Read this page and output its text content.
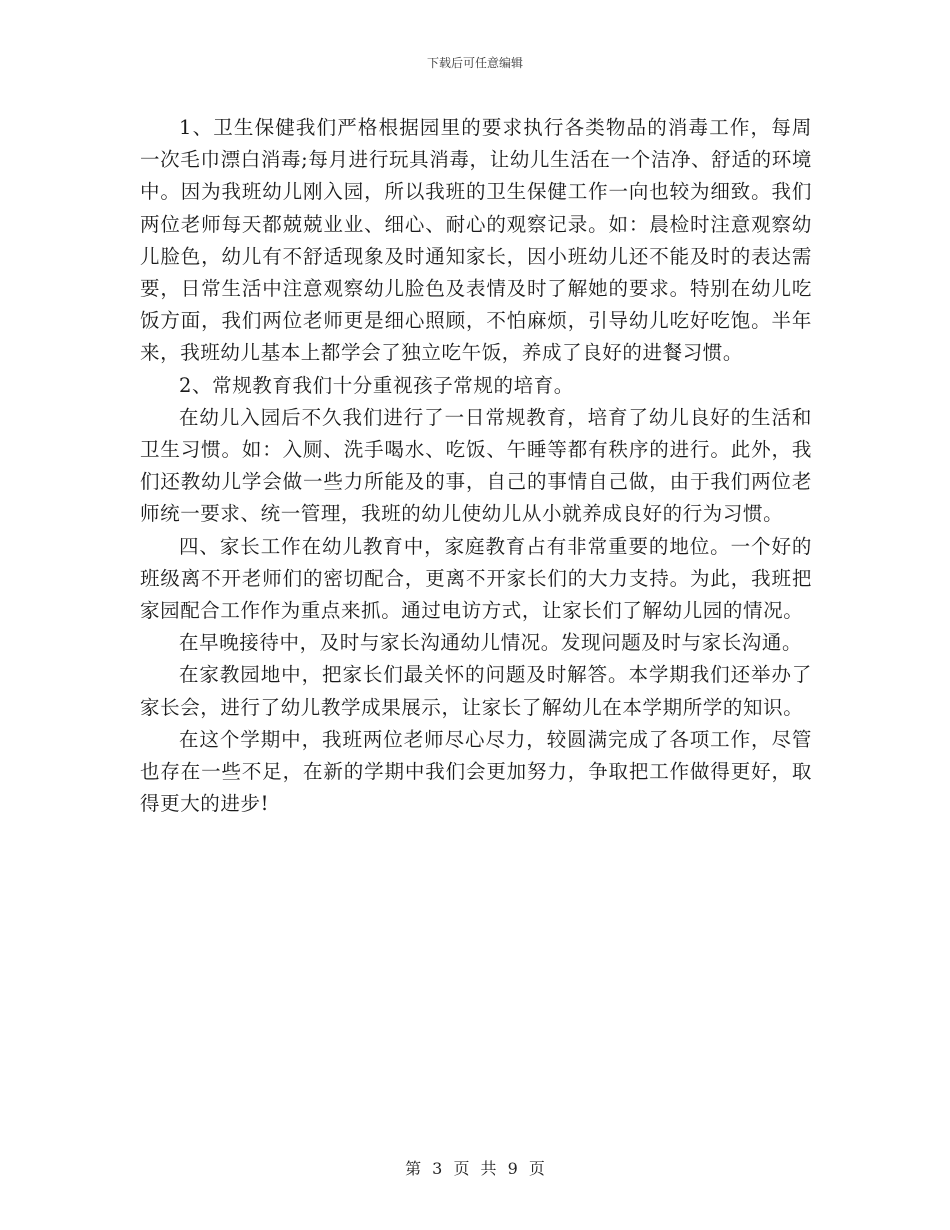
下载后可任意编辑

1、卫生保健我们严格根据园里的要求执行各类物品的消毒工作，每周一次毛巾漂白消毒;每月进行玩具消毒，让幼儿生活在一个洁净、舒适的环境中。因为我班幼儿刚入园，所以我班的卫生保健工作一向也较为细致。我们两位老师每天都兢兢业业、细心、耐心的观察记录。如：晨检时注意观察幼儿脸色，幼儿有不舒适现象及时通知家长，因小班幼儿还不能及时的表达需要，日常生活中注意观察幼儿脸色及表情及时了解她的要求。特别在幼儿吃饭方面，我们两位老师更是细心照顾，不怕麻烦，引导幼儿吃好吃饱。半年来，我班幼儿基本上都学会了独立吃午饭，养成了良好的进餐习惯。

2、常规教育我们十分重视孩子常规的培育。

在幼儿入园后不久我们进行了一日常规教育，培育了幼儿良好的生活和卫生习惯。如：入厕、洗手喝水、吃饭、午睡等都有秩序的进行。此外，我们还教幼儿学会做一些力所能及的事，自己的事情自己做，由于我们两位老师统一要求、统一管理，我班的幼儿使幼儿从小就养成良好的行为习惯。

四、家长工作在幼儿教育中，家庭教育占有非常重要的地位。一个好的班级离不开老师们的密切配合，更离不开家长们的大力支持。为此，我班把家园配合工作作为重点来抓。通过电访方式，让家长们了解幼儿园的情况。

在早晚接待中，及时与家长沟通幼儿情况。发现问题及时与家长沟通。

在家教园地中，把家长们最关怀的问题及时解答。本学期我们还举办了家长会，进行了幼儿教学成果展示，让家长了解幼儿在本学期所学的知识。

在这个学期中，我班两位老师尽心尽力，较圆满完成了各项工作，尽管也存在一些不足，在新的学期中我们会更加努力，争取把工作做得更好，取得更大的进步!

第 3 页 共 9 页
